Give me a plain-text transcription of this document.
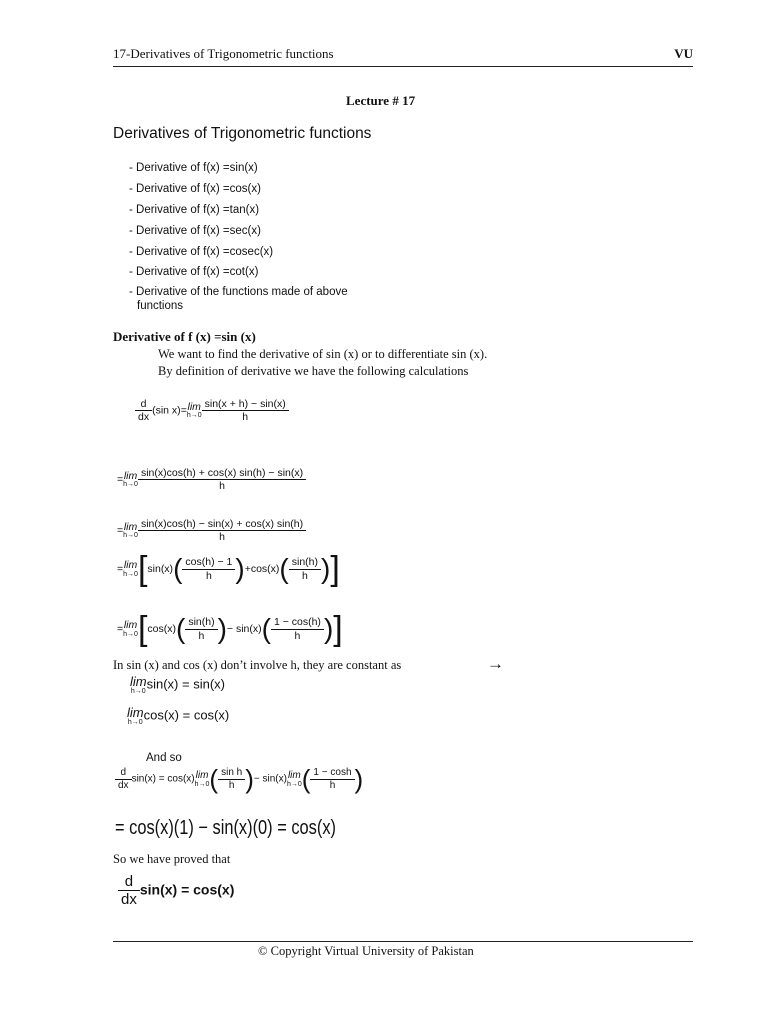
17-Derivatives of Trigonometric functions	VU
Lecture # 17
Derivatives of Trigonometric functions
- Derivative of f(x) =sin(x)
- Derivative of f(x) =cos(x)
- Derivative of f(x) =tan(x)
- Derivative of f(x) =sec(x)
- Derivative of f(x) =cosec(x)
- Derivative of f(x) =cot(x)
- Derivative of the functions made of above
functions
Derivative of f (x) =sin (x)
We want to find the derivative of sin (x) or to differentiate sin (x).
By definition of derivative we have the following calculations
$\frac{d}{dx} (\sin$ x)= lim
$h\to 0 \frac{\sin(x + h) - \sin(x)}{h}$
= lim
$h\to 0 \frac{\sin(x)\cos(h) + \cos(x) \sin(h) - \sin(x)}{h}$
= lim
$h\to 0 \frac{\sin(x)\cos(h) - \sin(x) + \cos(x) \sin(h)}{h}$
= lim
h→0 [$\sin(x)( \frac{\cos(h) - 1}{h} )+\cos(x)( \frac{\sin(h)}{h}$ )]
= lim
h→0 [$\cos(x)( \frac{\sin(h)}{h}$ )− $\sin(x)( \frac{1 - \cos(h)}{h}$ )]
In sin (x) and cos (x) don’t involve h, they are constant as	→
lim
h→0
sin(x) = sin(x)
lim
h→0
cos(x) = cos(x)
And so
$\frac{d}{dx} \sin(x) = \cos(x)$ lim
h→0 ( $\frac{\text{sin h}}{h}$ )− sin(x) lim
h→0 ( $\frac{1 - \cosh}{h}$ )
= cos(x)(1) − sin(x)(0) = cos(x)
So we have proved that
$\frac{d}{dx} \sin(x) = \cos(x)$
© Copyright Virtual University of Pakistan
